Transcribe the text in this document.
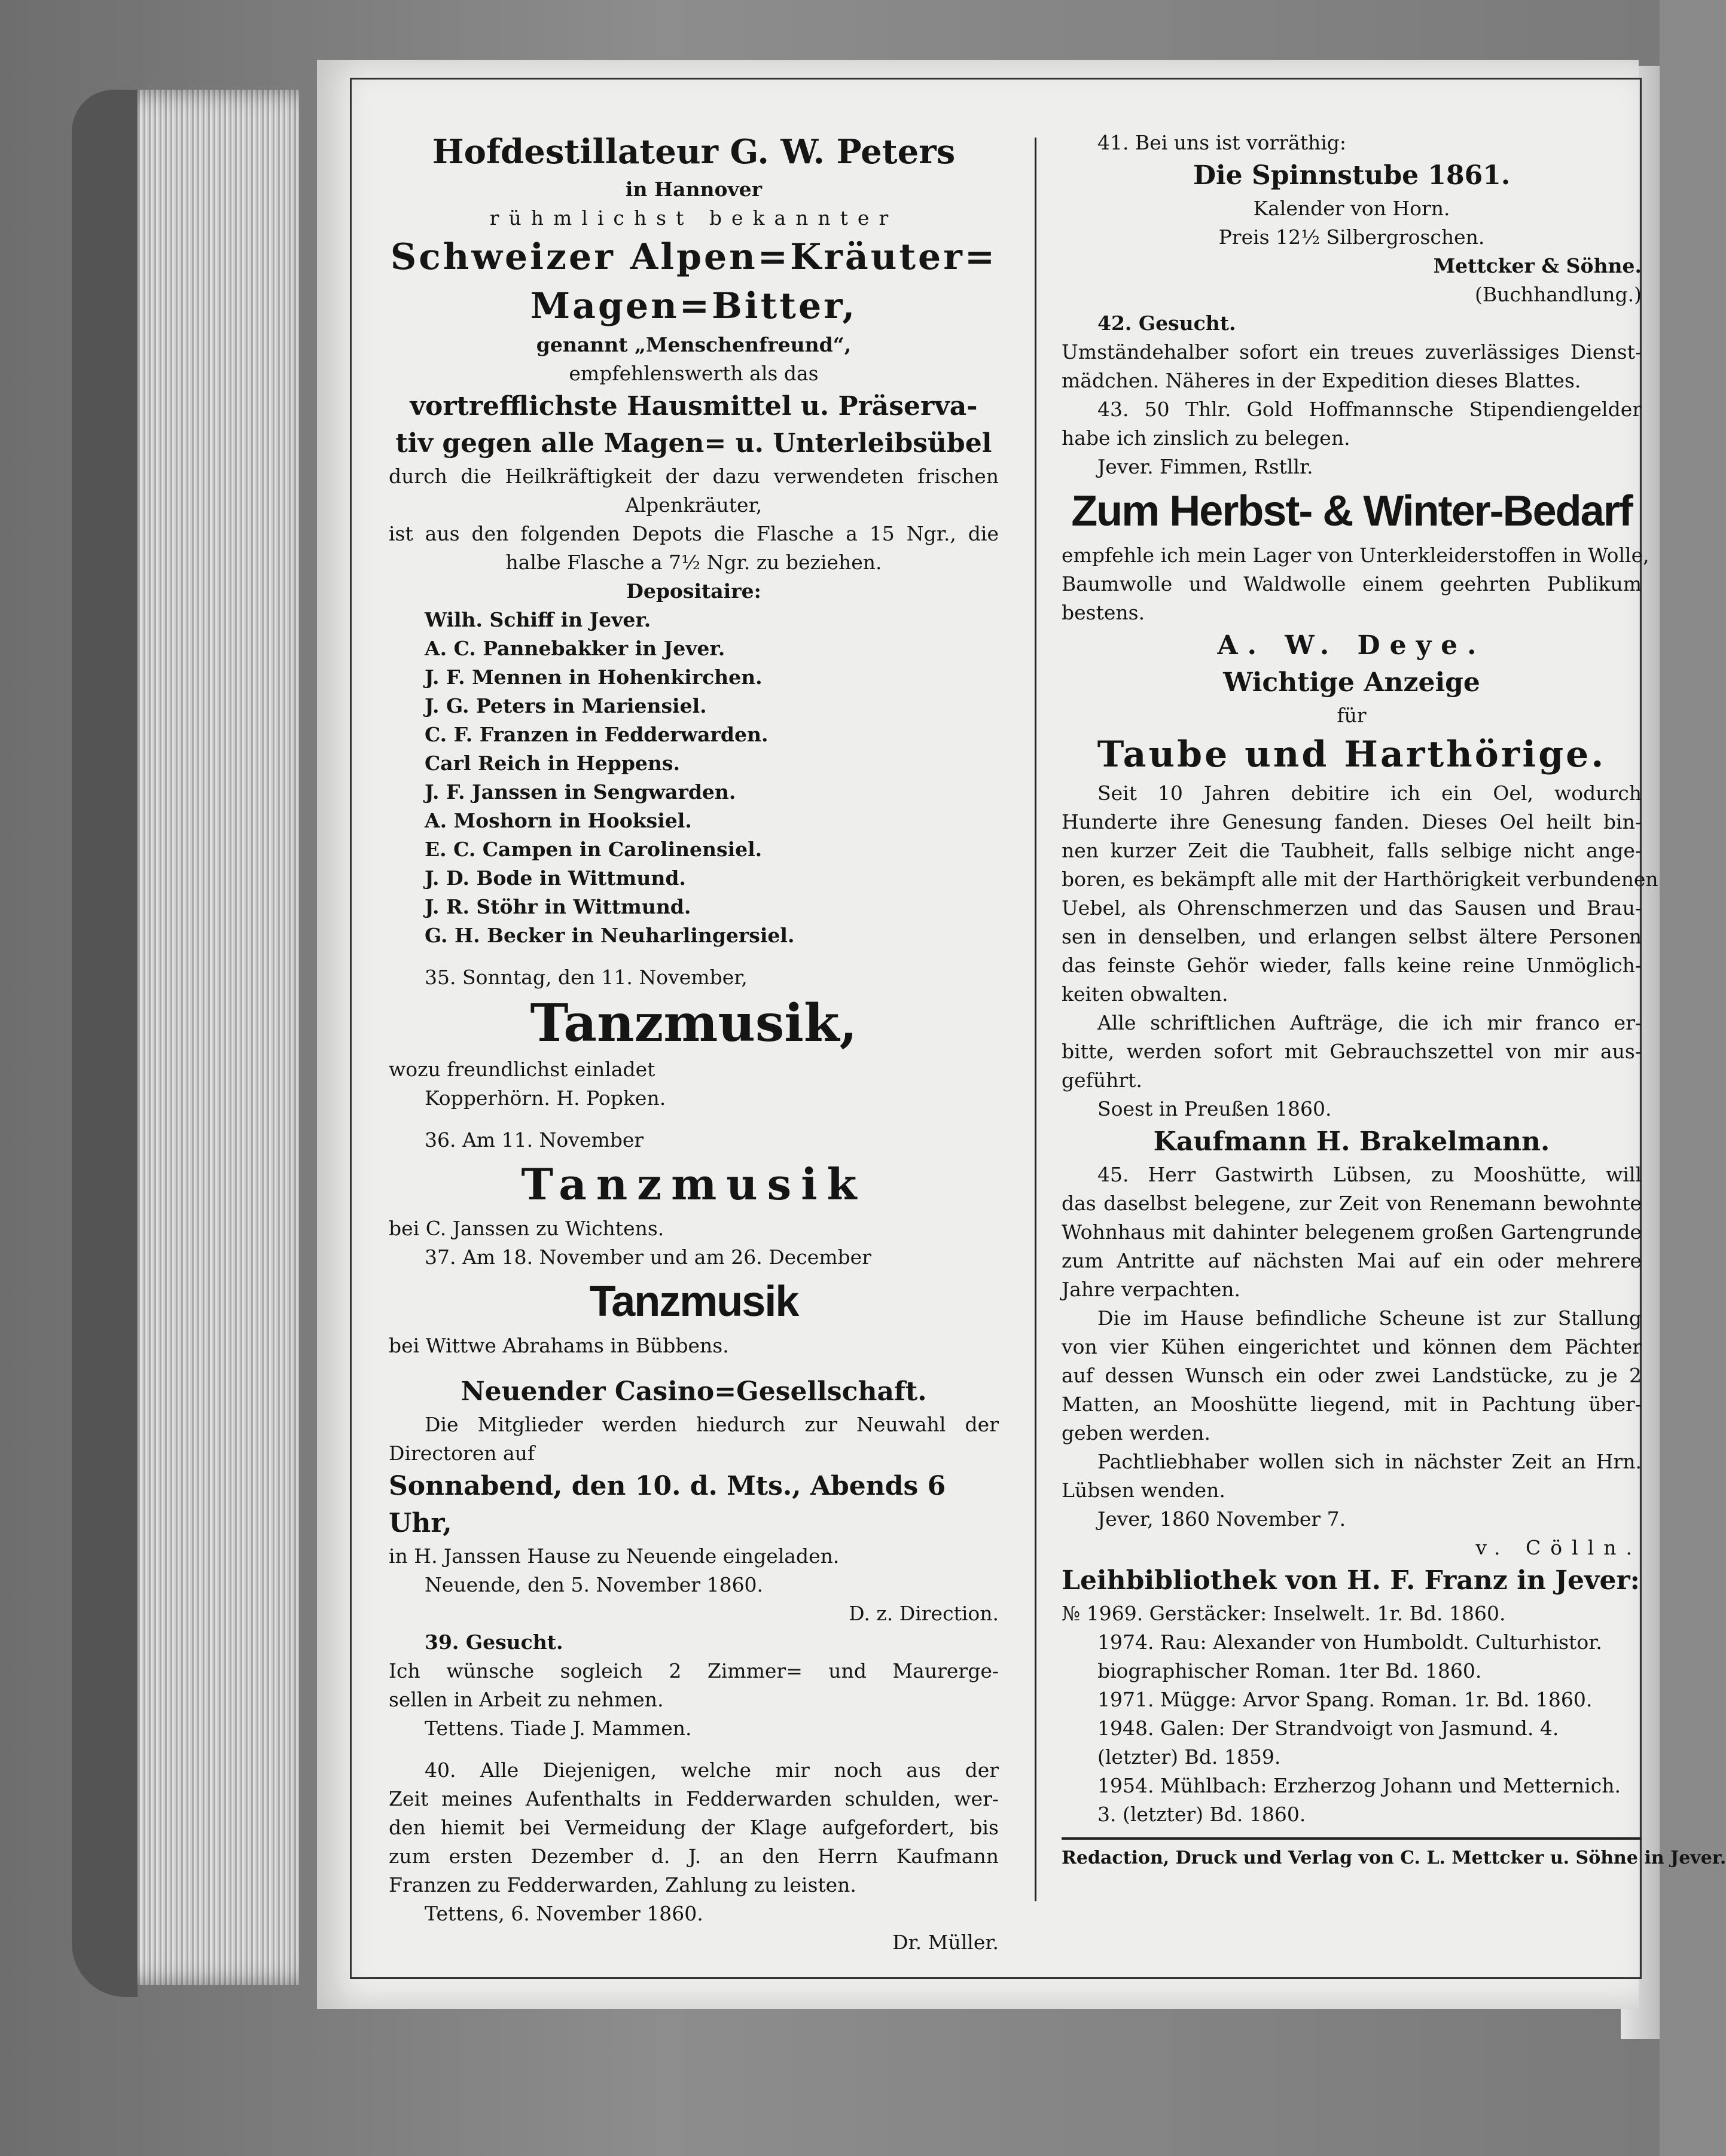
Hofdestillateur G. W. Peters
in Hannover
rühmlichst bekannter
Schweizer Alpen=Kräuter=
Magen=Bitter,
genannt „Menschenfreund“,
empfehlenswerth als das
vortrefflichste Hausmittel u. Präserva-
tiv gegen alle Magen= u. Unterleibsübel
durch die Heilkräftigkeit der dazu verwendeten frischen
Alpenkräuter,
ist aus den folgenden Depots die Flasche a 15 Ngr., die
halbe Flasche a 7½ Ngr. zu beziehen.
Depositaire:
Wilh. Schiff in Jever.
A. C. Pannebakker in Jever.
J. F. Mennen in Hohenkirchen.
J. G. Peters in Mariensiel.
C. F. Franzen in Fedderwarden.
Carl Reich in Heppens.
J. F. Janssen in Sengwarden.
A. Moshorn in Hooksiel.
E. C. Campen in Carolinensiel.
J. D. Bode in Wittmund.
J. R. Stöhr in Wittmund.
G. H. Becker in Neuharlingersiel.
35. Sonntag, den 11. November,
Tanzmusik,
wozu freundlichst einladet
Kopperhörn. H. Popken.
36. Am 11. November
Tanzmusik
bei C. Janssen zu Wichtens.
37. Am 18. November und am 26. December
Tanzmusik
bei Wittwe Abrahams in Bübbens.
Neuender Casino=Gesellschaft.
Die Mitglieder werden hiedurch zur Neuwahl der
Directoren auf
Sonnabend, den 10. d. Mts., Abends 6 Uhr,
in H. Janssen Hause zu Neuende eingeladen.
Neuende, den 5. November 1860.
D. z. Direction.
39. Gesucht.
Ich wünsche sogleich 2 Zimmer= und Maurerge-
sellen in Arbeit zu nehmen.
Tettens. Tiade J. Mammen.
40. Alle Diejenigen, welche mir noch aus der
Zeit meines Aufenthalts in Fedderwarden schulden, wer-
den hiemit bei Vermeidung der Klage aufgefordert, bis
zum ersten Dezember d. J. an den Herrn Kaufmann
Franzen zu Fedderwarden, Zahlung zu leisten.
Tettens, 6. November 1860.
Dr. Müller.
41. Bei uns ist vorräthig:
Die Spinnstube 1861.
Kalender von Horn.
Preis 12½ Silbergroschen.
Mettcker & Söhne.
(Buchhandlung.)
42. Gesucht.
Umständehalber sofort ein treues zuverlässiges Dienst-
mädchen. Näheres in der Expedition dieses Blattes.
43. 50 Thlr. Gold Hoffmannsche Stipendiengelder
habe ich zinslich zu belegen.
Jever. Fimmen, Rstllr.
Zum Herbst- & Winter-Bedarf
empfehle ich mein Lager von Unterkleiderstoffen in Wolle,
Baumwolle und Waldwolle einem geehrten Publikum
bestens.
A. W. Deye.
Wichtige Anzeige
für
Taube und Harthörige.
Seit 10 Jahren debitire ich ein Oel, wodurch
Hunderte ihre Genesung fanden. Dieses Oel heilt bin-
nen kurzer Zeit die Taubheit, falls selbige nicht ange-
boren, es bekämpft alle mit der Harthörigkeit verbundenen
Uebel, als Ohrenschmerzen und das Sausen und Brau-
sen in denselben, und erlangen selbst ältere Personen
das feinste Gehör wieder, falls keine reine Unmöglich-
keiten obwalten.
Alle schriftlichen Aufträge, die ich mir franco er-
bitte, werden sofort mit Gebrauchszettel von mir aus-
geführt.
Soest in Preußen 1860.
Kaufmann H. Brakelmann.
45. Herr Gastwirth Lübsen, zu Mooshütte, will
das daselbst belegene, zur Zeit von Renemann bewohnte
Wohnhaus mit dahinter belegenem großen Gartengrunde
zum Antritte auf nächsten Mai auf ein oder mehrere
Jahre verpachten.
Die im Hause befindliche Scheune ist zur Stallung
von vier Kühen eingerichtet und können dem Pächter
auf dessen Wunsch ein oder zwei Landstücke, zu je 2
Matten, an Mooshütte liegend, mit in Pachtung über-
geben werden.
Pachtliebhaber wollen sich in nächster Zeit an Hrn.
Lübsen wenden.
Jever, 1860 November 7.
v. Cölln.
Leihbibliothek von H. F. Franz in Jever:
№ 1969. Gerstäcker: Inselwelt. 1r. Bd. 1860.
1974. Rau: Alexander von Humboldt. Culturhistor.
biographischer Roman. 1ter Bd. 1860.
1971. Mügge: Arvor Spang. Roman. 1r. Bd. 1860.
1948. Galen: Der Strandvoigt von Jasmund. 4.
(letzter) Bd. 1859.
1954. Mühlbach: Erzherzog Johann und Metternich.
3. (letzter) Bd. 1860.
Redaction, Druck und Verlag von C. L. Mettcker u. Söhne in Jever.
